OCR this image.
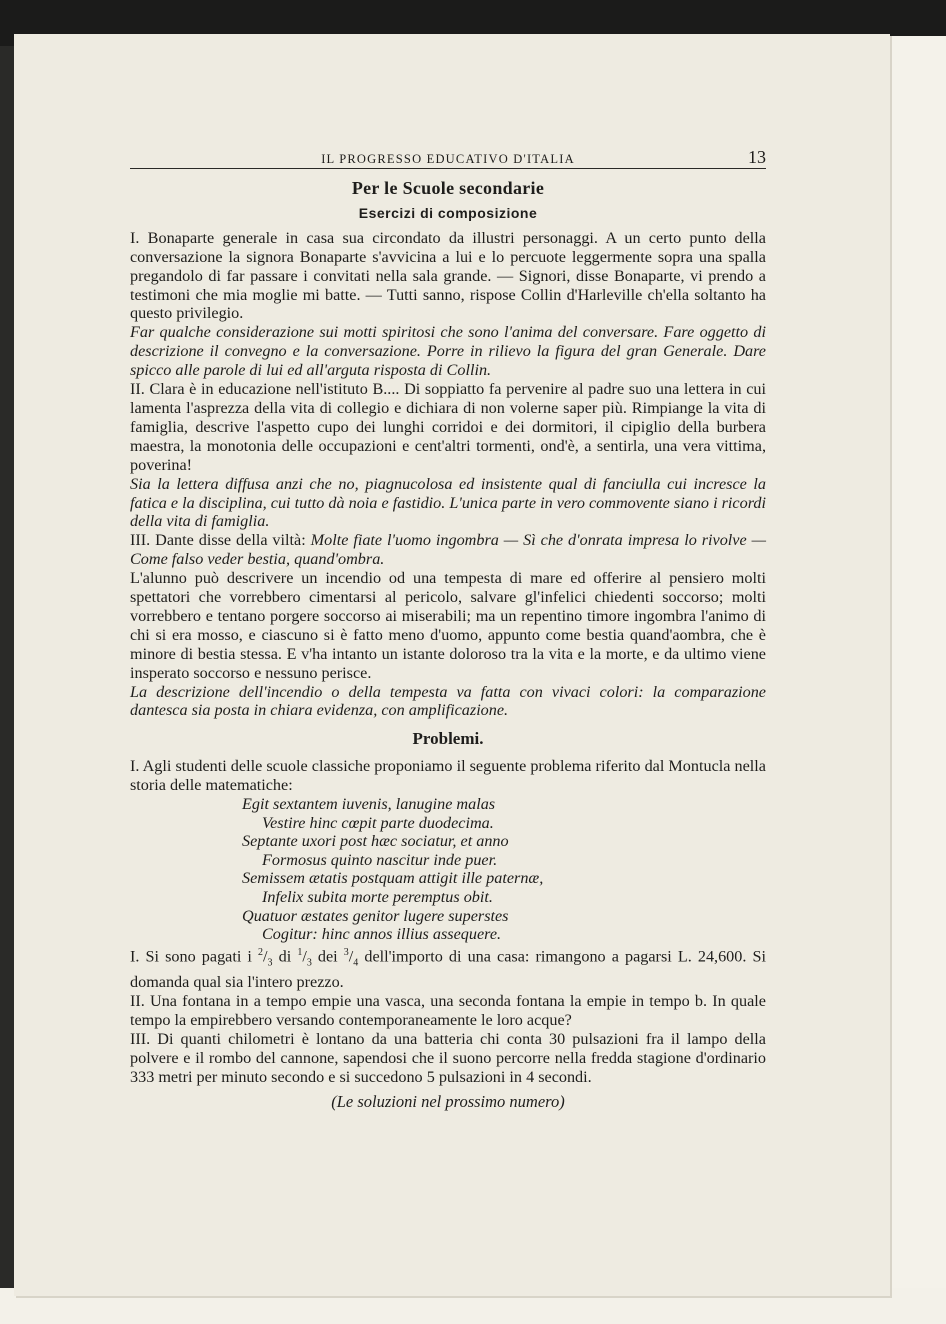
IL PROGRESSO EDUCATIVO D'ITALIA	13
Per le Scuole secondarie
Esercizi di composizione

I. Bonaparte generale in casa sua circondato da illustri personaggi. A un certo punto della conversazione la signora Bonaparte s'avvicina a lui e lo percuote leggermente sopra una spalla pregandolo di far passare i convitati nella sala grande. — Signori, disse Bonaparte, vi prendo a testimoni che mia moglie mi batte. — Tutti sanno, rispose Collin d'Harleville ch'ella soltanto ha questo privilegio.

Far qualche considerazione sui motti spiritosi che sono l'anima del conversare. Fare oggetto di descrizione il convegno e la conversazione. Porre in rilievo la figura del gran Generale. Dare spicco alle parole di lui ed all'arguta risposta di Collin.

II. Clara è in educazione nell'istituto B.... Di soppiatto fa pervenire al padre suo una lettera in cui lamenta l'asprezza della vita di collegio e dichiara di non volerne saper più. Rimpiange la vita di famiglia, descrive l'aspetto cupo dei lunghi corridoi e dei dormitori, il cipiglio della burbera maestra, la monotonia delle occupazioni e cent'altri tormenti, ond'è, a sentirla, una vera vittima, poverina!

Sia la lettera diffusa anzi che no, piagnucolosa ed insistente qual di fanciulla cui incresce la fatica e la disciplina, cui tutto dà noia e fastidio. L'unica parte in vero commovente siano i ricordi della vita di famiglia.

III. Dante disse della viltà: Molte fiate l'uomo ingombra — Sì che d'onrata impresa lo rivolve — Come falso veder bestia, quand'ombra.

L'alunno può descrivere un incendio od una tempesta di mare ed offerire al pensiero molti spettatori che vorrebbero cimentarsi al pericolo, salvare gl'infelici chiedenti soccorso; molti vorrebbero e tentano porgere soccorso ai miserabili; ma un repentino timore ingombra l'animo di chi si era mosso, e ciascuno si è fatto meno d'uomo, appunto come bestia quand'aombra, che è minore di bestia stessa. E v'ha intanto un istante doloroso tra la vita e la morte, e da ultimo viene insperato soccorso e nessuno perisce.

La descrizione dell'incendio o della tempesta va fatta con vivaci colori: la comparazione dantesca sia posta in chiara evidenza, con amplificazione.

Problemi.

I. Agli studenti delle scuole classiche proponiamo il seguente problema riferito dal Montucla nella storia delle matematiche:

Egit sextantem iuvenis, lanugine malas
Vestire hinc cœpit parte duodecima.
Septante uxori post hæc sociatur, et anno
Formosus quinto nascitur inde puer.
Semissem ætatis postquam attigit ille paternæ,
Infelix subita morte peremptus obit.
Quatuor æstates genitor lugere superstes
Cogitur: hinc annos illius assequere.

I. Si sono pagati i $^2/_3$ di $^1/_3$ dei $^3/_4$ dell'importo di una casa: rimangono a pagarsi L. 24,600. Si domanda qual sia l'intero prezzo.

II. Una fontana in a tempo empie una vasca, una seconda fontana la empie in tempo b. In quale tempo la empirebbero versando contemporaneamente le loro acque?

III. Di quanti chilometri è lontano da una batteria chi conta 30 pulsazioni fra il lampo della polvere e il rombo del cannone, sapendosi che il suono percorre nella fredda stagione d'ordinario 333 metri per minuto secondo e si succedono 5 pulsazioni in 4 secondi.

(Le soluzioni nel prossimo numero)
